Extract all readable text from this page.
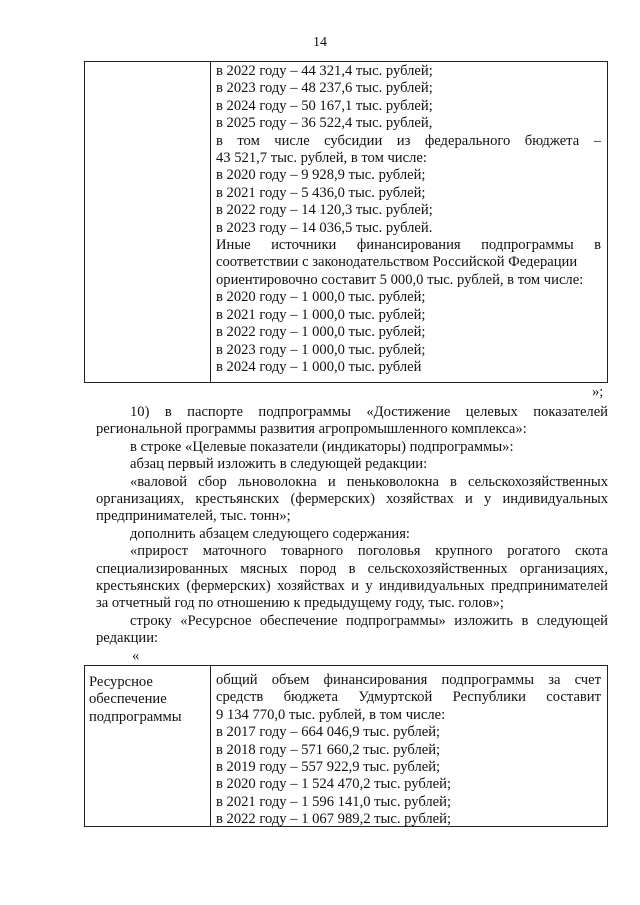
14
в 2022 году – 44 321,4 тыс. рублей;
в 2023 году – 48 237,6 тыс. рублей;
в 2024 году – 50 167,1 тыс. рублей;
в 2025 году – 36 522,4 тыс. рублей,
в том числе субсидии из федерального бюджета –
43 521,7 тыс. рублей, в том числе:
в 2020 году – 9 928,9 тыс. рублей;
в 2021 году – 5 436,0 тыс. рублей;
в 2022 году – 14 120,3 тыс. рублей;
в 2023 году – 14 036,5 тыс. рублей.
Иные источники финансирования подпрограммы в
соответствии с законодательством Российской Федерации
ориентировочно составит 5 000,0 тыс. рублей, в том числе:
в 2020 году – 1 000,0 тыс. рублей;
в 2021 году – 1 000,0 тыс. рублей;
в 2022 году – 1 000,0 тыс. рублей;
в 2023 году – 1 000,0 тыс. рублей;
в 2024 году – 1 000,0 тыс. рублей
»;

10) в паспорте подпрограммы «Достижение целевых показателей

региональной программы развития агропромышленного комплекса»:

в строке «Целевые показатели (индикаторы) подпрограммы»:

абзац первый изложить в следующей редакции:

«валовой сбор льноволокна и пеньковолокна в сельскохозяйственных

организациях, крестьянских (фермерских) хозяйствах и у индивидуальных

предпринимателей, тыс. тонн»;

дополнить абзацем следующего содержания:

«прирост маточного товарного поголовья крупного рогатого скота

специализированных мясных пород в сельскохозяйственных организациях,

крестьянских (фермерских) хозяйствах и у индивидуальных предпринимателей

за отчетный год по отношению к предыдущему году, тыс. голов»;

строку «Ресурсное обеспечение подпрограммы» изложить в следующей

редакции:

«
Ресурсное
обеспечение
подпрограммы
общий объем финансирования подпрограммы за счет
средств бюджета Удмуртской Республики составит
9 134 770,0 тыс. рублей, в том числе:
в 2017 году – 664 046,9 тыс. рублей;
в 2018 году – 571 660,2 тыс. рублей;
в 2019 году – 557 922,9 тыс. рублей;
в 2020 году – 1 524 470,2 тыс. рублей;
в 2021 году – 1 596 141,0 тыс. рублей;
в 2022 году – 1 067 989,2 тыс. рублей;
